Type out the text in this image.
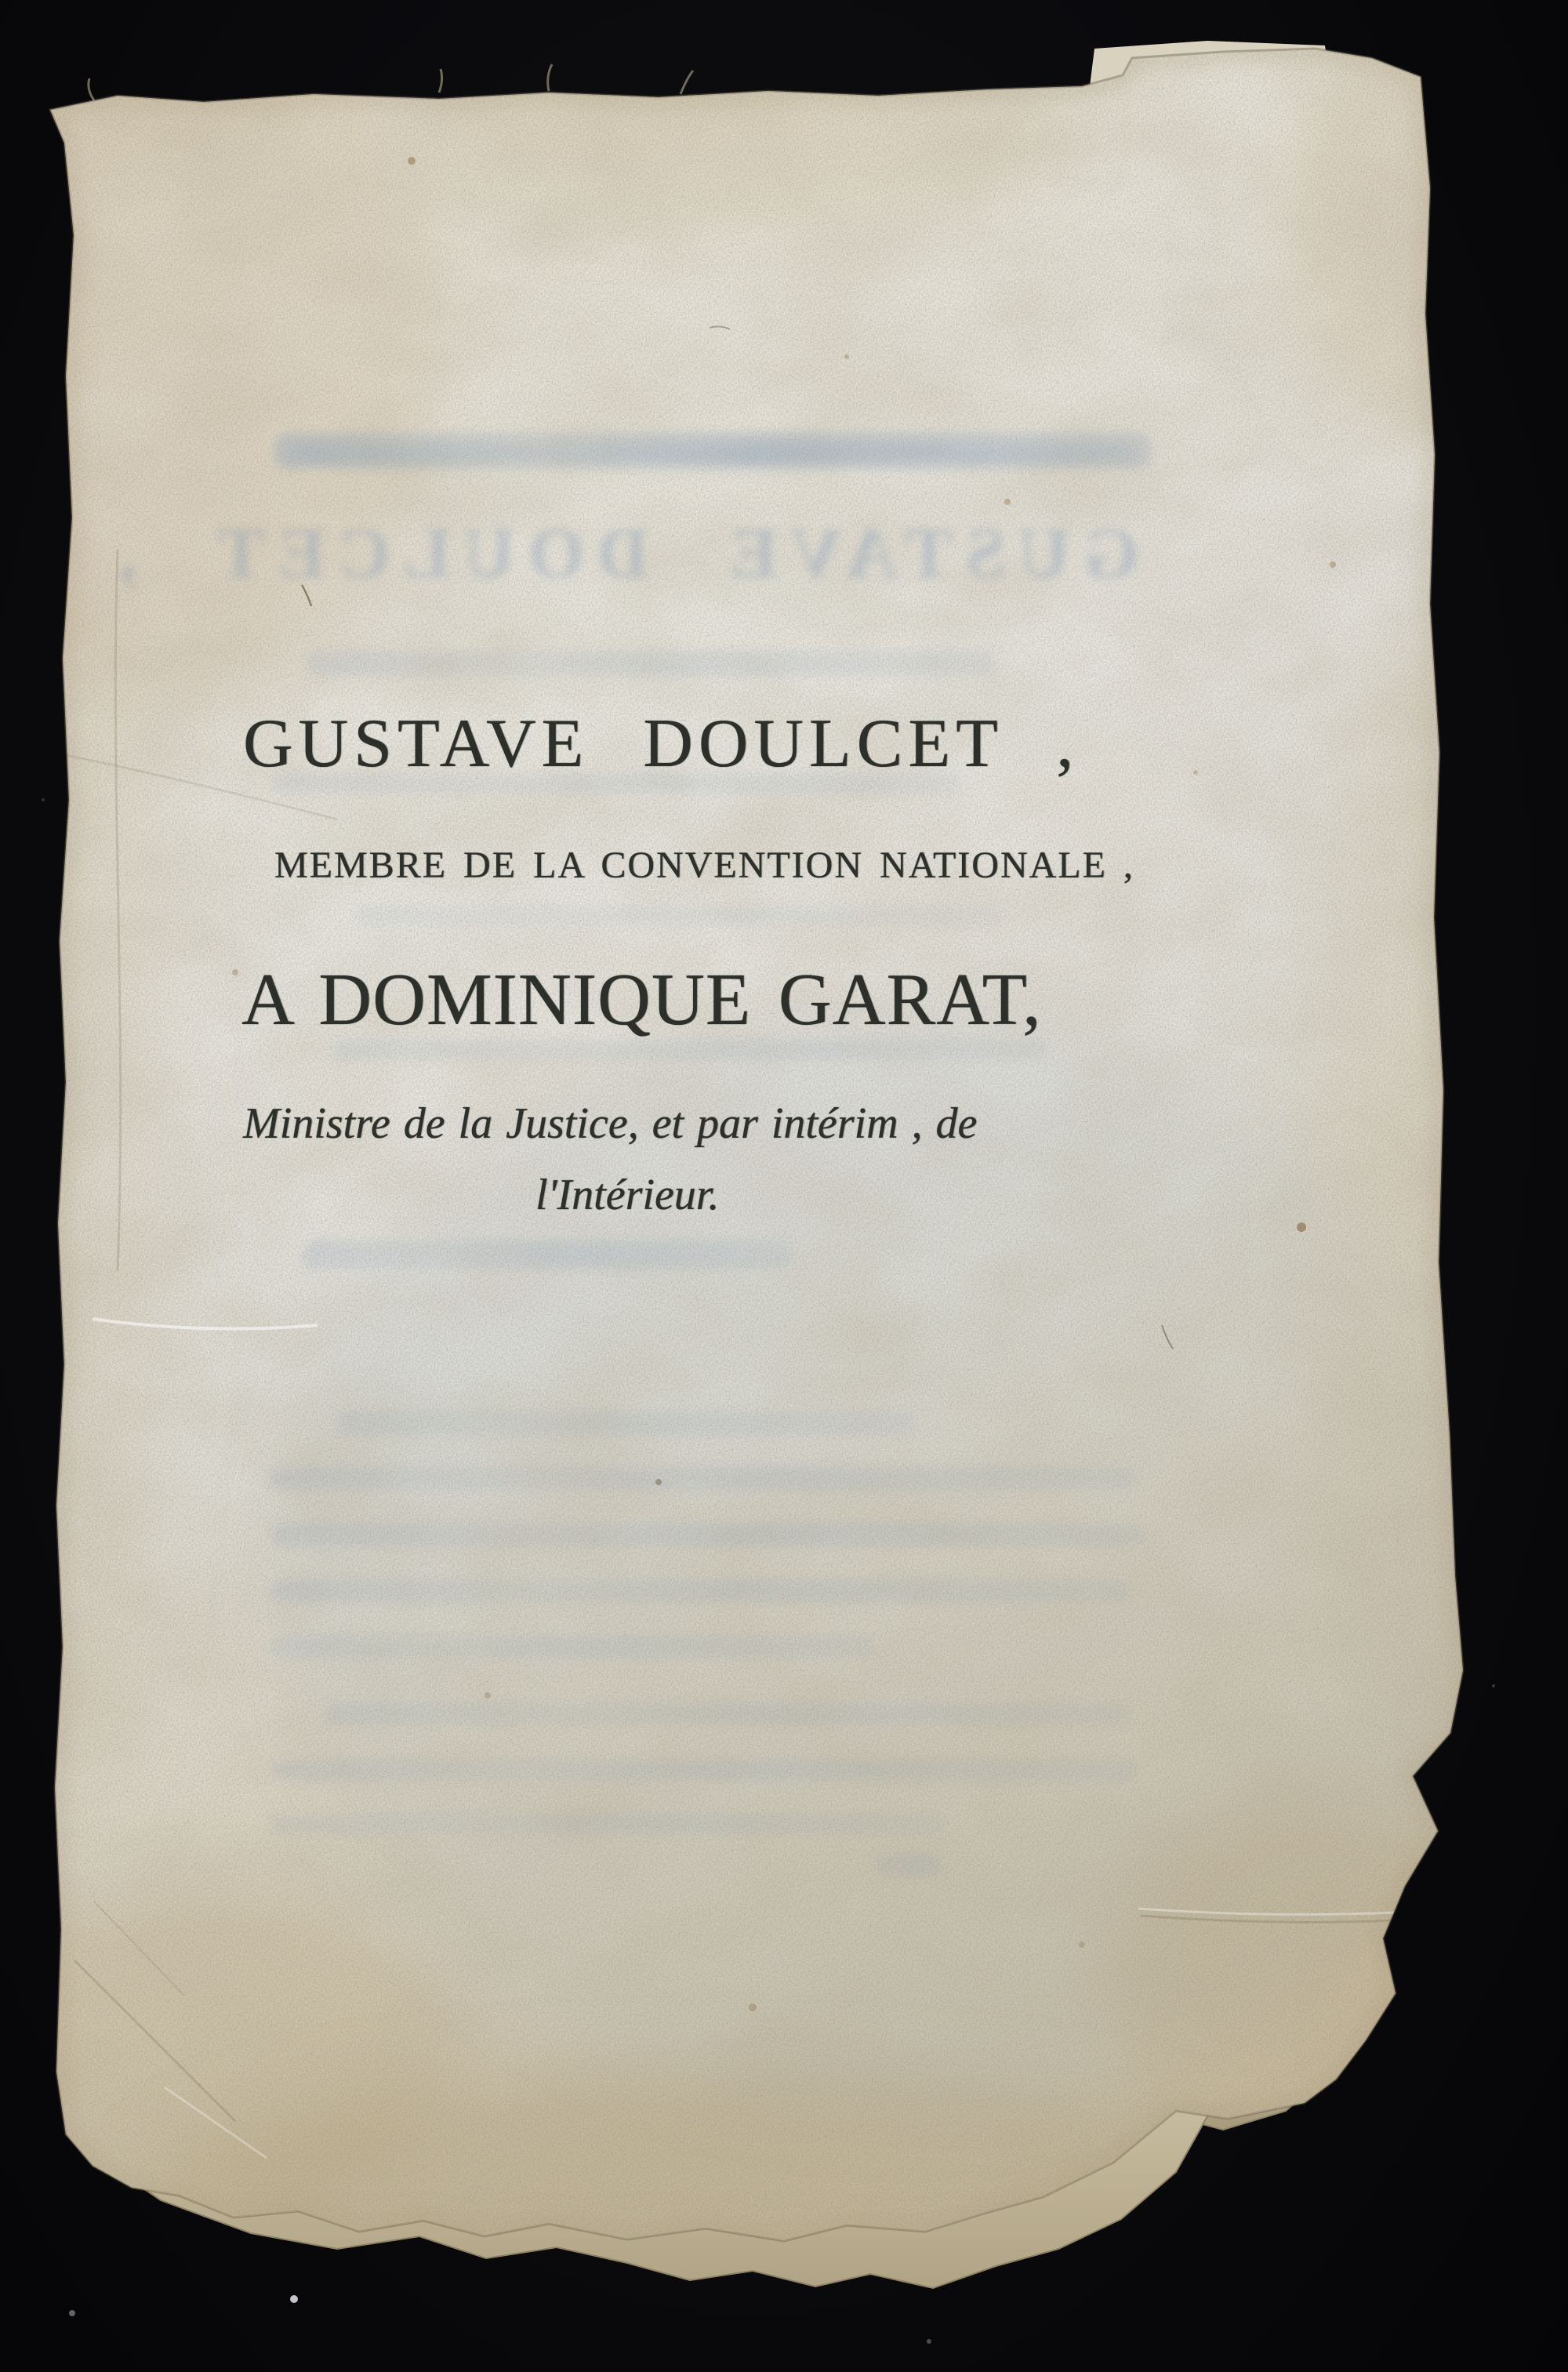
GUSTAVE DOULCET ,
GUSTAVE DOULCET ,
MEMBRE DE LA CONVENTION NATIONALE ,
A DOMINIQUE GARAT,
Ministre de la Justice, et par intérim , de
l'Intérieur.
